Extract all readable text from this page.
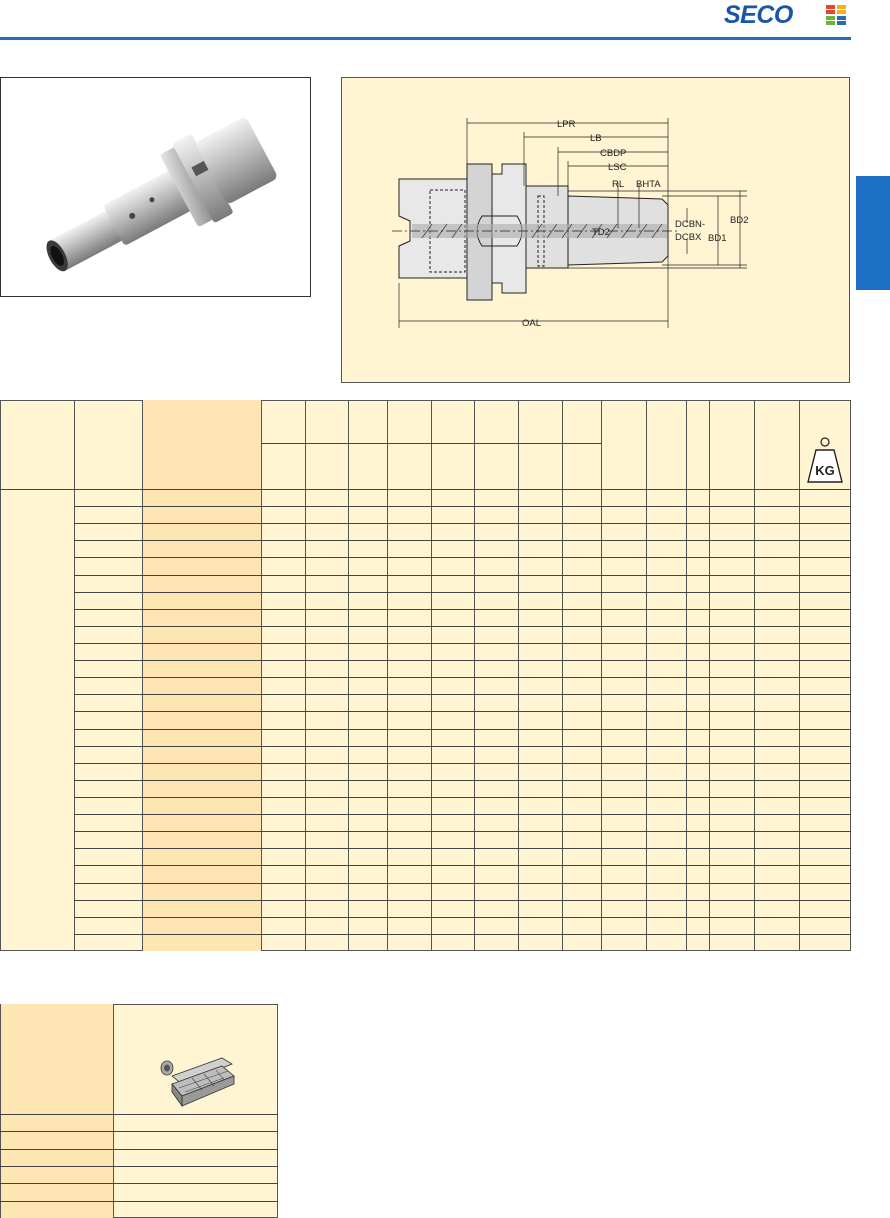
SECO
LPR
LB
CBDP
LSC
RL BHTA
DCBN-
DCBX BD1
BD2
TD2
OAL
KG
